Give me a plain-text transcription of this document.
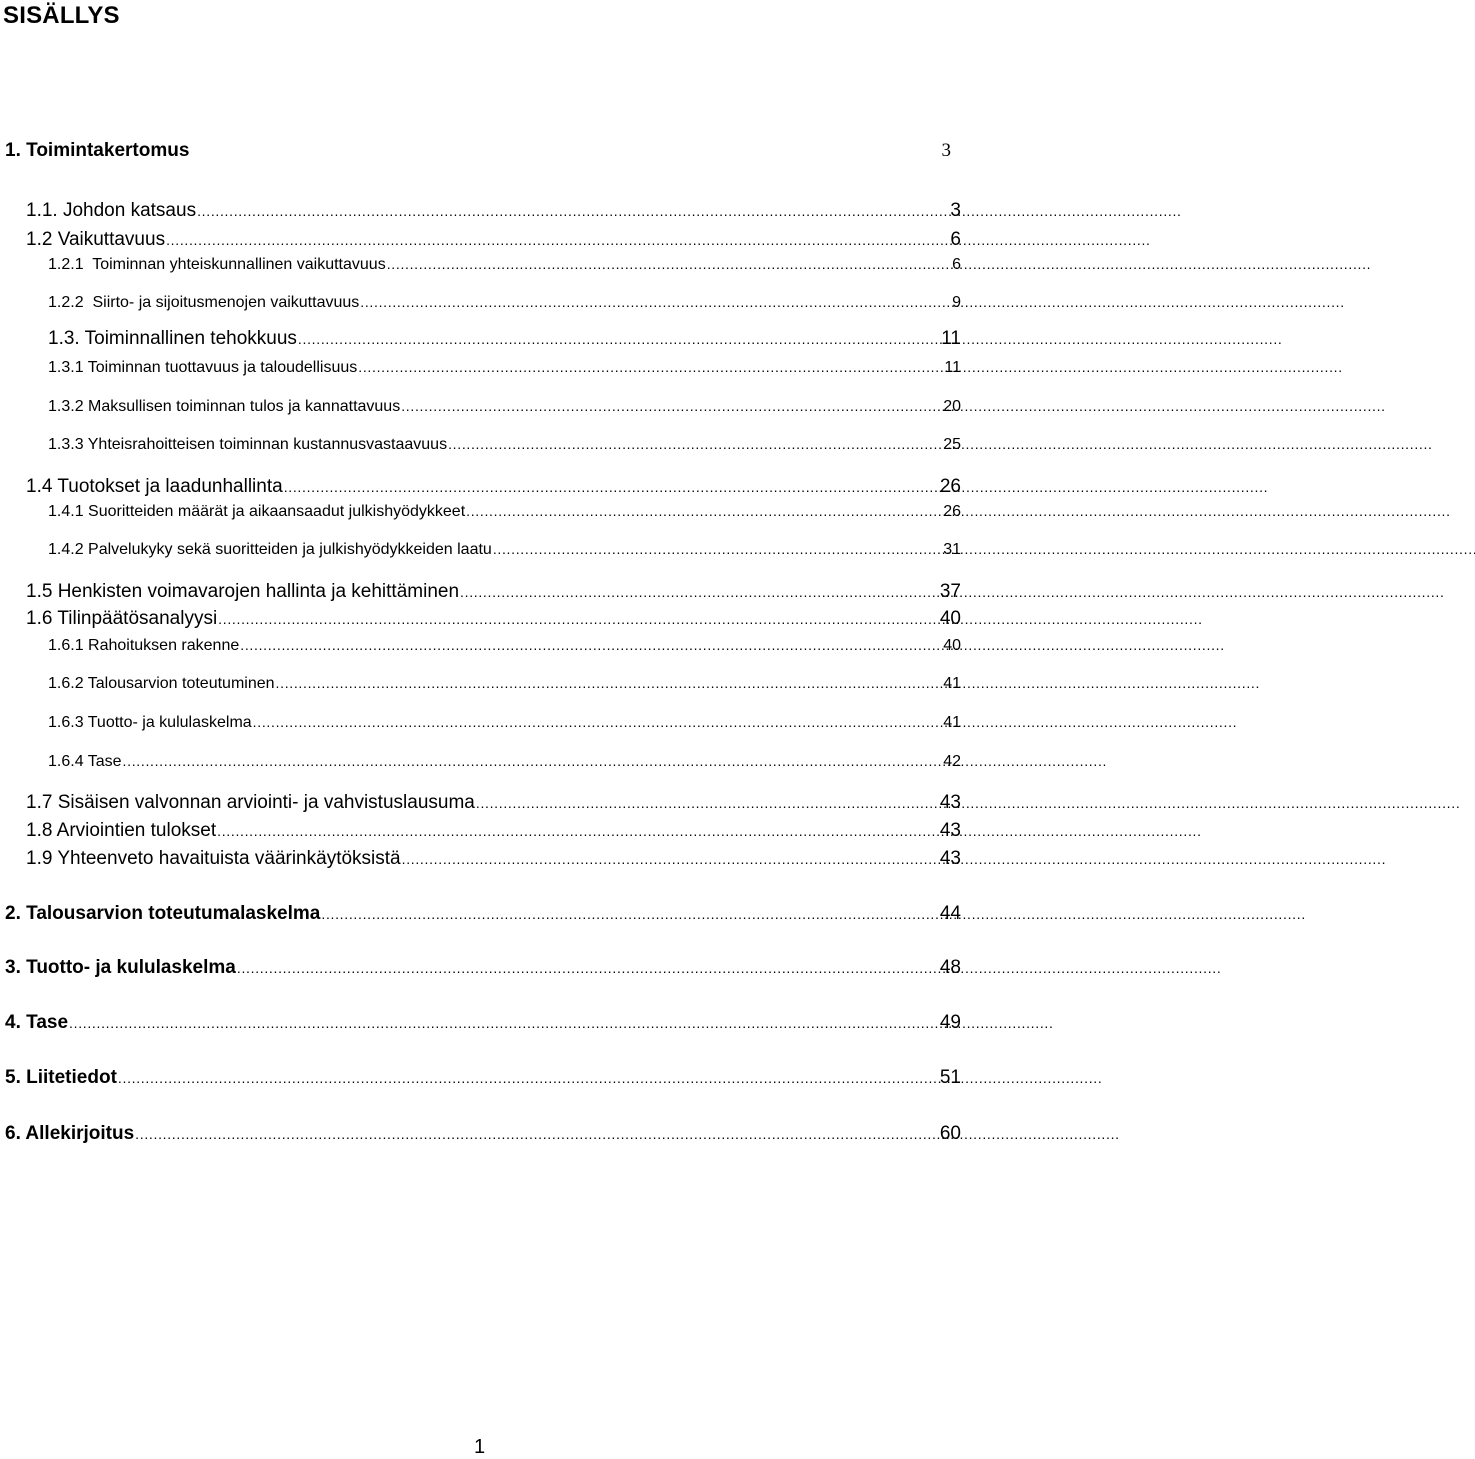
SISÄLLYS
1. Toimintakertomus	3
1.1. Johdon katsaus . . .	3
1.2 Vaikuttavuus . . .	6
1.2.1  Toiminnan yhteiskunnallinen vaikuttavuus . . .	6
1.2.2  Siirto- ja sijoitusmenojen vaikuttavuus . . .	9
1.3. Toiminnallinen tehokkuus . . .	11
1.3.1 Toiminnan tuottavuus ja taloudellisuus . . .	11
1.3.2 Maksullisen toiminnan tulos ja kannattavuus . . .	20
1.3.3 Yhteisrahoitteisen toiminnan kustannusvastaavuus . . .	25
1.4 Tuotokset ja laadunhallinta . . .	26
1.4.1 Suoritteiden määrät ja aikaansaadut julkishyödykkeet . . .	26
1.4.2 Palvelukyky sekä suoritteiden ja julkishyödykkeiden laatu . . .	31
1.5 Henkisten voimavarojen hallinta ja kehittäminen . . .	37
1.6 Tilinpäätösanalyysi . . .	40
1.6.1 Rahoituksen rakenne . . .	40
1.6.2 Talousarvion toteutuminen . . .	41
1.6.3 Tuotto- ja kululaskelma . . .	41
1.6.4 Tase . . .	42
1.7 Sisäisen valvonnan arviointi- ja vahvistuslausuma . . .	43
1.8 Arviointien tulokset . . .	43
1.9 Yhteenveto havaituista väärinkäytöksistä . . .	43
2. Talousarvion toteutumalaskelma . . .	44
3. Tuotto- ja kululaskelma . . .	48
4. Tase . . .	49
5. Liitetiedot . . .	51
6. Allekirjoitus . . .	60
1
